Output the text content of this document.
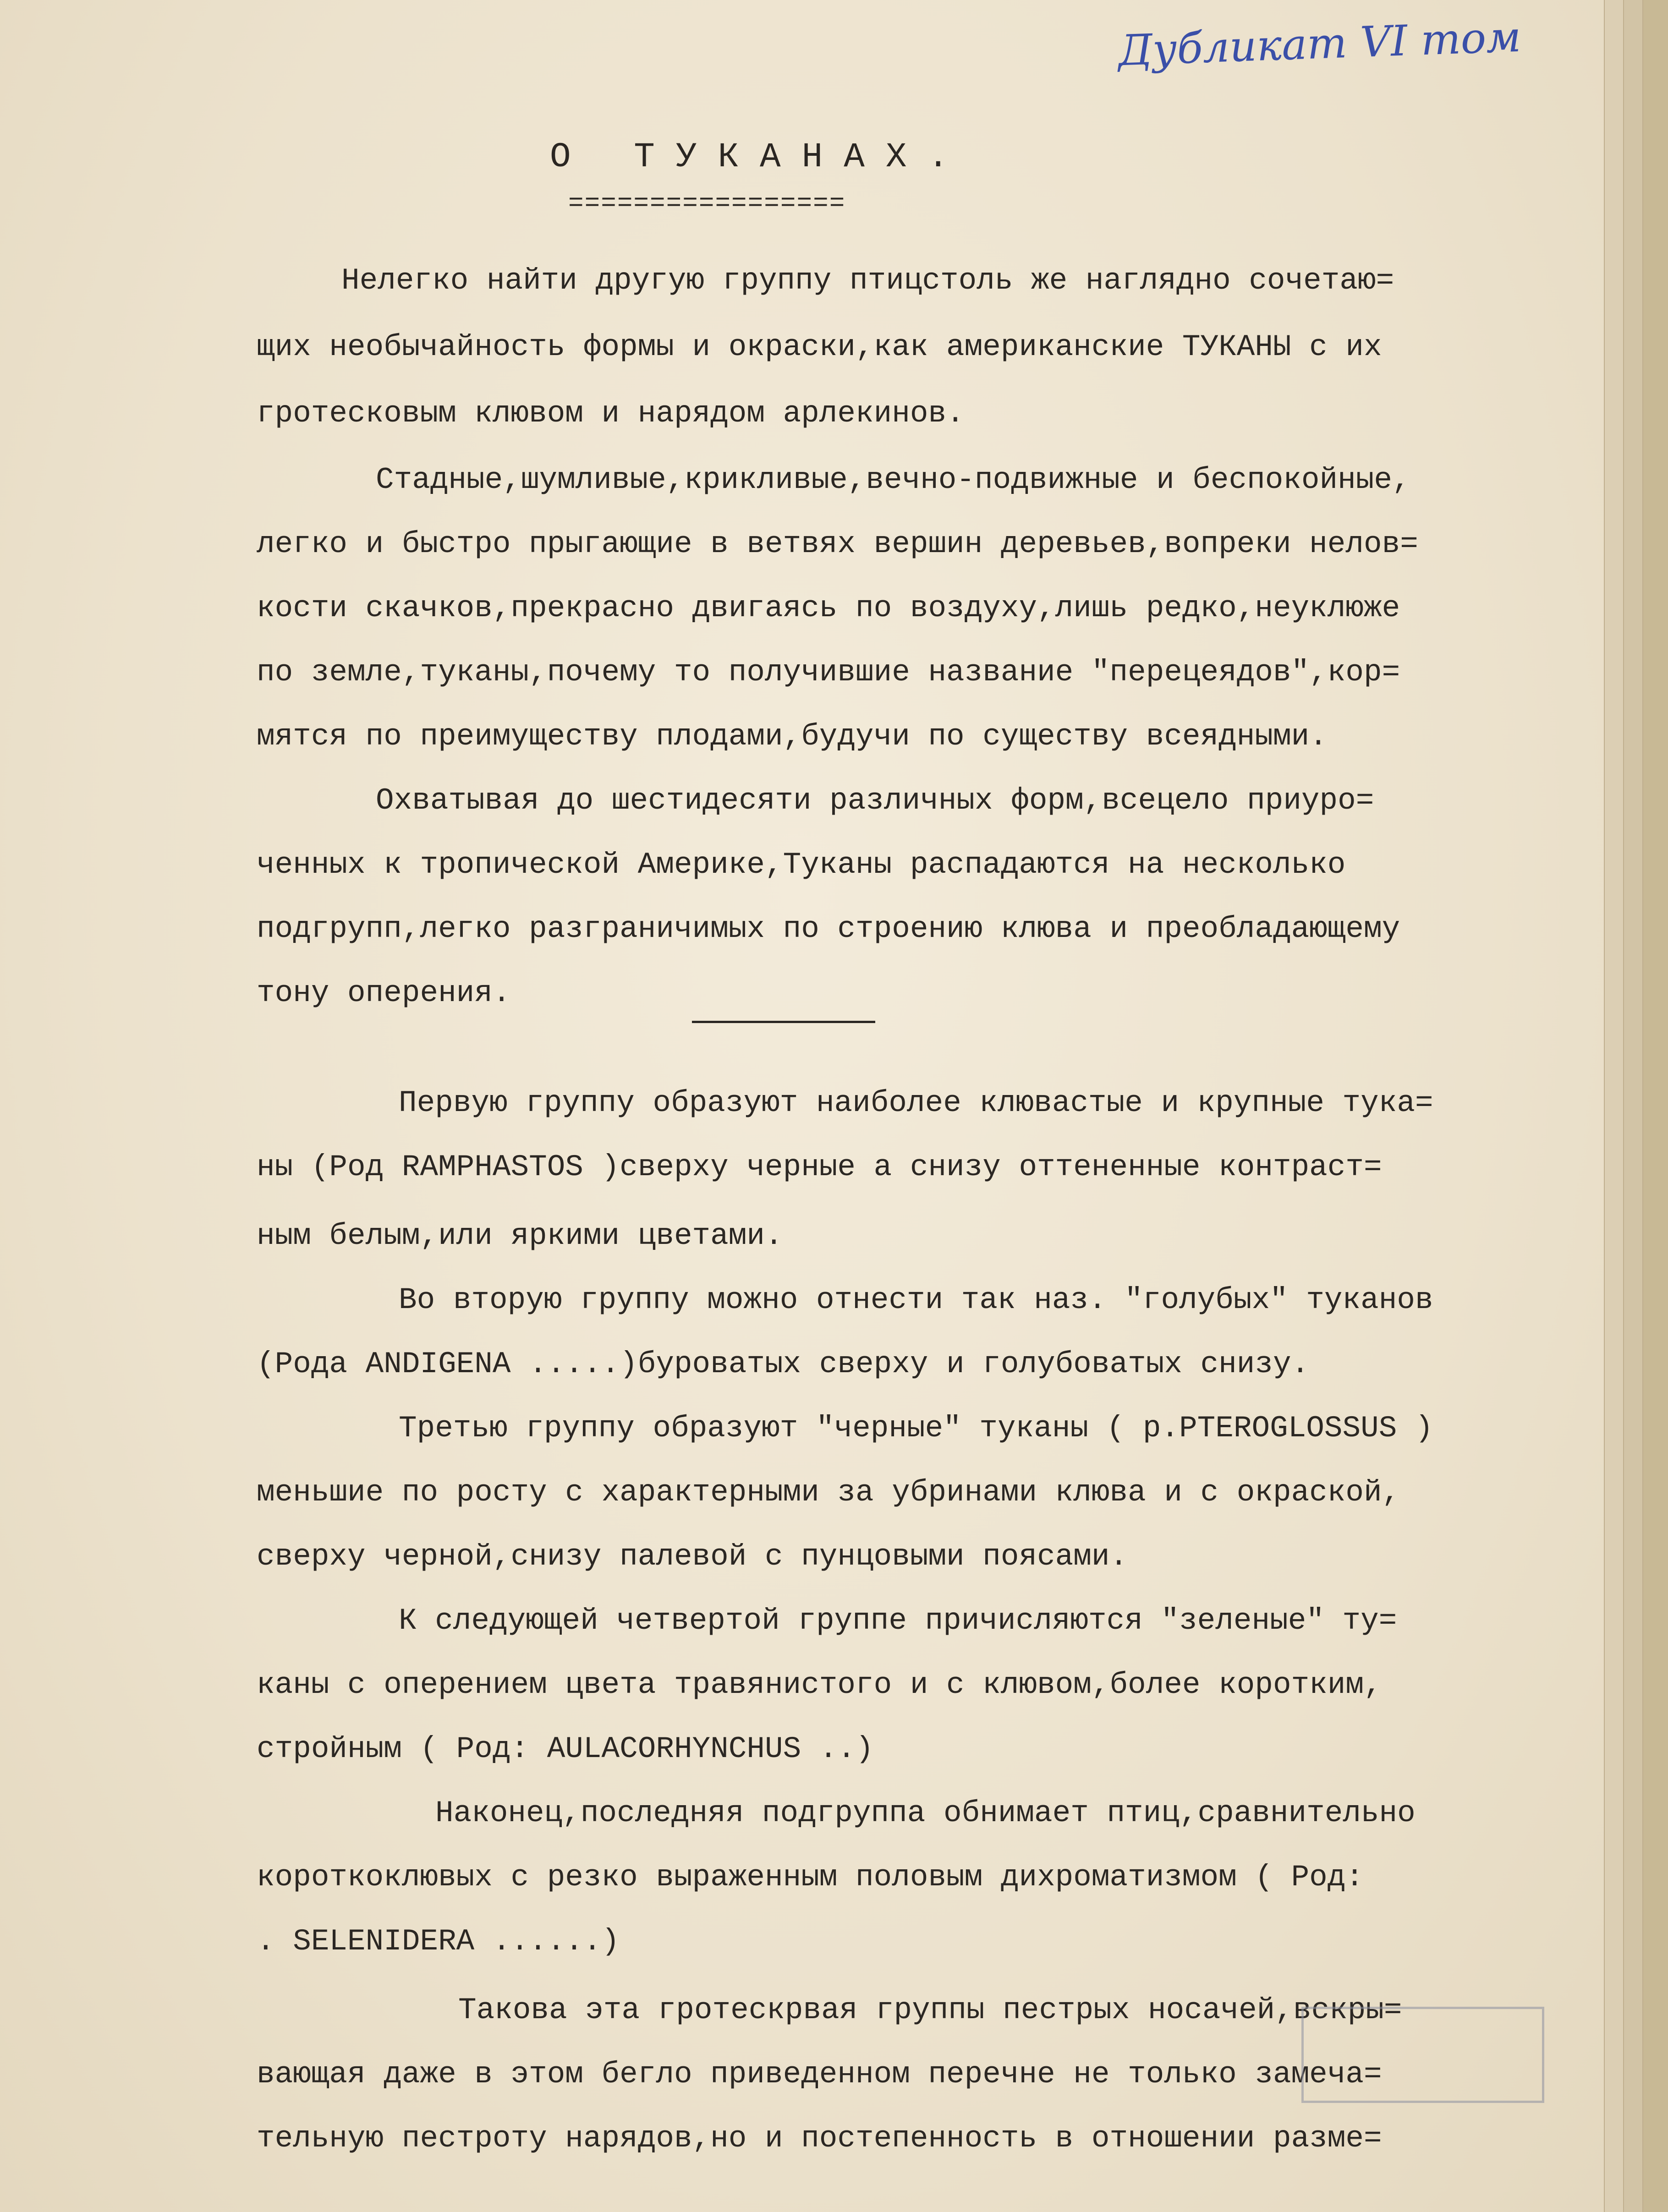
Дубликат VI том
О ТУКАНАХ.
=================
Нелегко найти другую группу птицстоль же наглядно сочетаю=
щих необычайность формы и окраски,как американские ТУКАНЫ с их
гротесковым клювом и нарядом арлекинов.
Стадные,шумливые,крикливые,вечно-подвижные и беспокойные,
легко и быстро прыгающие в ветвях вершин деревьев,вопреки нелов=
кости скачков,прекрасно двигаясь по воздуху,лишь редко,неуклюже
по земле,туканы,почему то получившие название "перецеядов",кор=
мятся по преимуществу плодами,будучи по существу всеядными.
Охватывая до шестидесяти различных форм,всецело приуро=
ченных к тропической Америке,Туканы распадаются на несколько
подгрупп,легко разграничимых по строению клюва и преобладающему
тону оперения.
Первую группу образуют наиболее клювастые и крупные тука=
ны (Род RAMPHASTOS )сверху черные а снизу оттененные контраст=
ным белым,или яркими цветами.
Во вторую группу можно отнести так наз. "голубых" туканов
(Рода ANDIGENA .....)буроватых сверху и голубоватых снизу.
Третью группу образуют "черные" туканы ( р.PTEROGLOSSUS )
меньшие по росту с характерными за убринами клюва и с окраской,
сверху черной,снизу палевой с пунцовыми поясами.
К следующей четвертой группе причисляются "зеленые" ту=
каны с оперением цвета травянистого и с клювом,более коротким,
стройным ( Род: AULACORHYNCHUS ..)
Наконец,последняя подгруппа обнимает птиц,сравнительно
короткоклювых с резко выраженным половым дихроматизмом ( Род:
. SELENIDERA ......)
Такова эта гротескрвая группы пестрых носачей,вскры=
вающая даже в этом бегло приведенном перечне не только замеча=
тельную пестроту нарядов,но и постепенность в отношении разме=
